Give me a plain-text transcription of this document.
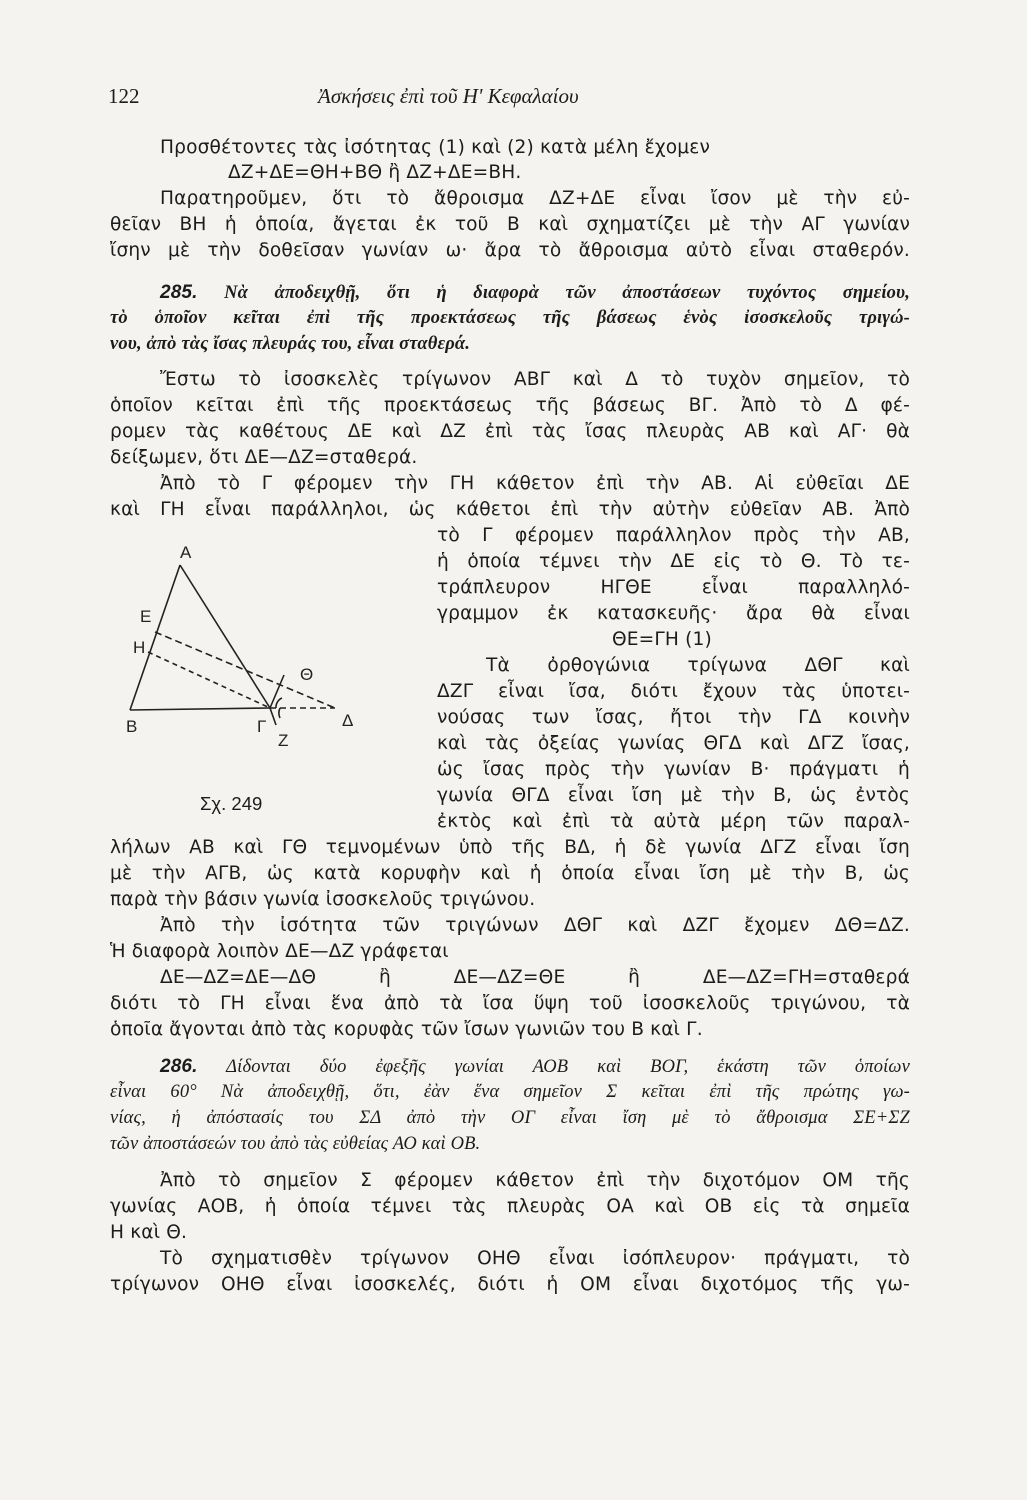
122	Ἀσκήσεις ἐπὶ τοῦ Η' Κεφαλαίου
Προσθέτοντες τὰς ἰσότητας (1) καὶ (2) κατὰ μέλη ἔχομεν
ΔΖ+ΔΕ=ΘΗ+ΒΘ ἢ ΔΖ+ΔΕ=ΒΗ.
Παρατηροῦμεν, ὅτι τὸ ἄθροισμα ΔΖ+ΔΕ εἶναι ἴσον μὲ τὴν εὐ-
θεῖαν ΒΗ ἡ ὁποία, ἄγεται ἐκ τοῦ Β καὶ σχηματίζει μὲ τὴν ΑΓ γωνίαν
ἴσην μὲ τὴν δοθεῖσαν γωνίαν ω· ἄρα τὸ ἄθροισμα αὐτὸ εἶναι σταθερόν.
285. Νὰ ἀποδειχθῇ, ὅτι ἡ διαφορὰ τῶν ἀποστάσεων τυχόντος σημείου,
τὸ ὁποῖον κεῖται ἐπὶ τῆς προεκτάσεως τῆς βάσεως ἑνὸς ἰσοσκελοῦς τριγώ-
νου, ἀπὸ τὰς ἴσας πλευράς του, εἶναι σταθερά.
Ἔστω τὸ ἰσοσκελὲς τρίγωνον ΑΒΓ καὶ Δ τὸ τυχὸν σημεῖον, τὸ
ὁποῖον κεῖται ἐπὶ τῆς προεκτάσεως τῆς βάσεως ΒΓ. Ἀπὸ τὸ Δ φέ-
ρομεν τὰς καθέτους ΔΕ καὶ ΔΖ ἐπὶ τὰς ἴσας πλευρὰς ΑΒ καὶ ΑΓ· θὰ
δείξωμεν, ὅτι ΔΕ—ΔΖ=σταθερά.
Ἀπὸ τὸ Γ φέρομεν τὴν ΓΗ κάθετον ἐπὶ τὴν ΑΒ. Αἱ εὐθεῖαι ΔΕ
καὶ ΓΗ εἶναι παράλληλοι, ὡς κάθετοι ἐπὶ τὴν αὐτὴν εὐθεῖαν ΑΒ. Ἀπὸ
τὸ Γ φέρομεν παράλληλον πρὸς τὴν ΑΒ,
ἡ ὁποία τέμνει τὴν ΔΕ εἰς τὸ Θ. Τὸ τε-
τράπλευρον ΗΓΘΕ εἶναι παραλληλό-
γραμμον ἐκ κατασκευῆς· ἄρα θὰ εἶναι
ΘΕ=ΓΗ (1)
Τὰ ὀρθογώνια τρίγωνα ΔΘΓ καὶ
ΔΖΓ εἶναι ἴσα, διότι ἔχουν τὰς ὑποτει-
νούσας των ἴσας, ἤτοι τὴν ΓΔ κοινὴν
καὶ τὰς ὀξείας γωνίας ΘΓΔ καὶ ΔΓΖ ἴσας,
ὡς ἴσας πρὸς τὴν γωνίαν Β· πράγματι ἡ
γωνία ΘΓΔ εἶναι ἴση μὲ τὴν Β, ὡς ἐντὸς
ἐκτὸς καὶ ἐπὶ τὰ αὐτὰ μέρη τῶν παραλ-
Α
Ε
Η
Β	Γ
Θ
Δ
Ζ
Σχ. 249
λήλων ΑΒ καὶ ΓΘ τεμνομένων ὑπὸ τῆς ΒΔ, ἡ δὲ γωνία ΔΓΖ εἶναι ἴση
μὲ τὴν ΑΓΒ, ὡς κατὰ κορυφὴν καὶ ἡ ὁποία εἶναι ἴση μὲ τὴν Β, ὡς
παρὰ τὴν βάσιν γωνία ἰσοσκελοῦς τριγώνου.
Ἀπὸ τὴν ἰσότητα τῶν τριγώνων ΔΘΓ καὶ ΔΖΓ ἔχομεν ΔΘ=ΔΖ.
Ἡ διαφορὰ λοιπὸν ΔΕ—ΔΖ γράφεται
ΔΕ—ΔΖ=ΔΕ—ΔΘ ἢ ΔΕ—ΔΖ=ΘΕ ἢ ΔΕ—ΔΖ=ΓΗ=σταθερά
διότι τὸ ΓΗ εἶναι ἕνα ἀπὸ τὰ ἴσα ὕψη τοῦ ἰσοσκελοῦς τριγώνου, τὰ
ὁποῖα ἄγονται ἀπὸ τὰς κορυφὰς τῶν ἴσων γωνιῶν του Β καὶ Γ.
286. Δίδονται δύο ἐφεξῆς γωνίαι ΑΟΒ καὶ ΒΟΓ, ἑκάστη τῶν ὁποίων
εἶναι 60° Νὰ ἀποδειχθῇ, ὅτι, ἐὰν ἕνα σημεῖον Σ κεῖται ἐπὶ τῆς πρώτης γω-
νίας, ἡ ἀπόστασίς του ΣΔ ἀπὸ τὴν ΟΓ εἶναι ἴση μὲ τὸ ἄθροισμα ΣΕ+ΣΖ
τῶν ἀποστάσεών του ἀπὸ τὰς εὐθείας ΑΟ καὶ ΟΒ.
Ἀπὸ τὸ σημεῖον Σ φέρομεν κάθετον ἐπὶ τὴν διχοτόμον ΟΜ τῆς
γωνίας ΑΟΒ, ἡ ὁποία τέμνει τὰς πλευρὰς ΟΑ καὶ ΟΒ εἰς τὰ σημεῖα
Η καὶ Θ.
Τὸ σχηματισθὲν τρίγωνον ΟΗΘ εἶναι ἰσόπλευρον· πράγματι, τὸ
τρίγωνον ΟΗΘ εἶναι ἰσοσκελές, διότι ἡ ΟΜ εἶναι διχοτόμος τῆς γω-
